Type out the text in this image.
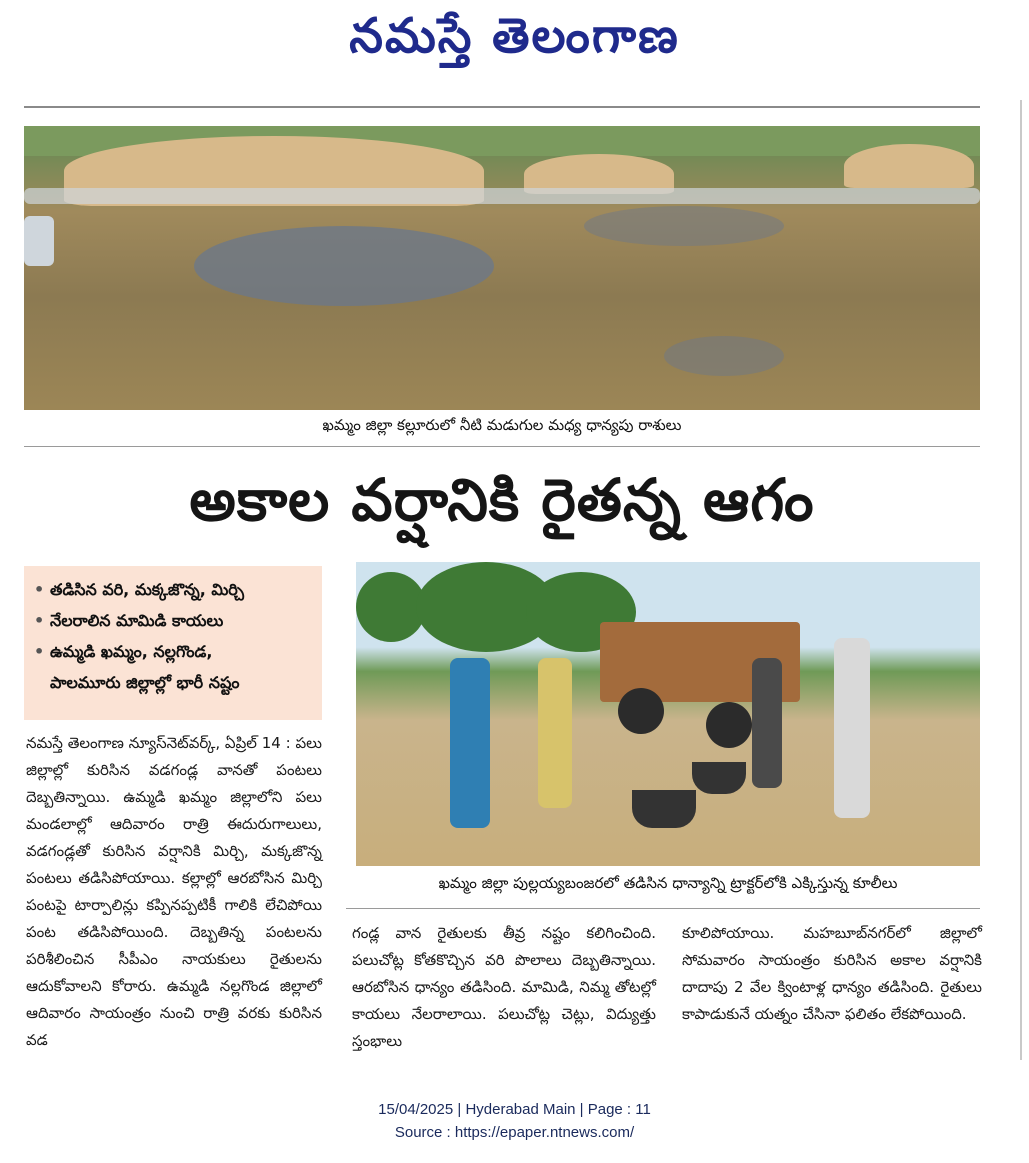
నమస్తే తెలంగాణ
ఖమ్మం జిల్లా కల్లూరులో నీటి మడుగుల మధ్య ధాన్యపు రాశులు
అకాల వర్షానికి రైతన్న ఆగం
• తడిసిన వరి, మక్కజొన్న, మిర్చి
• నేలరాలిన మామిడి కాయలు
• ఉమ్మడి ఖమ్మం, నల్లగొండ,
పాలమూరు జిల్లాల్లో భారీ నష్టం
ఖమ్మం జిల్లా పుల్లయ్యబంజరలో తడిసిన ధాన్యాన్ని ట్రాక్టర్‌లోకి ఎక్కిస్తున్న కూలీలు
నమస్తే తెలంగాణ న్యూస్‌నెట్‌వర్క్‌, ఏప్రిల్‌ 14 : పలు జిల్లాల్లో కురిసిన వడగండ్ల వానతో పంటలు దెబ్బతిన్నాయి. ఉమ్మడి ఖమ్మం జిల్లాలోని పలు మండలాల్లో ఆదివారం రాత్రి ఈదురుగాలులు, వడగండ్లతో కురిసిన వర్షానికి మిర్చి, మక్కజొన్న పంటలు తడిసిపోయాయి. కల్లాల్లో ఆరబోసిన మిర్చి పంటపై టార్పాలిన్లు కప్పినప్పటికీ గాలికి లేచిపోయి పంట తడిసిపోయింది. దెబ్బతిన్న పంటలను పరిశీలించిన సీపీఎం నాయకులు రైతులను ఆదుకోవాలని కోరారు. ఉమ్మడి నల్లగొండ జిల్లాలో ఆదివారం సాయంత్రం నుంచి రాత్రి వరకు కురిసిన వడ
గండ్ల వాన రైతులకు తీవ్ర నష్టం కలిగించింది. పలుచోట్ల కోతకొచ్చిన వరి పొలాలు దెబ్బతిన్నాయి. ఆరబోసిన ధాన్యం తడిసింది. మామిడి, నిమ్మ తోటల్లో కాయలు నేలరాలాయి. పలుచోట్ల చెట్లు, విద్యుత్తు స్తంభాలు
కూలిపోయాయి. మహబూబ్‌నగర్‌లో జిల్లాలో సోమవారం సాయంత్రం కురిసిన అకాల వర్షానికి దాదాపు 2 వేల క్వింటాళ్ల ధాన్యం తడిసింది. రైతులు కాపాడుకునే యత్నం చేసినా ఫలితం లేకపోయింది.
15/04/2025 | Hyderabad Main | Page : 11
Source : https://epaper.ntnews.com/
